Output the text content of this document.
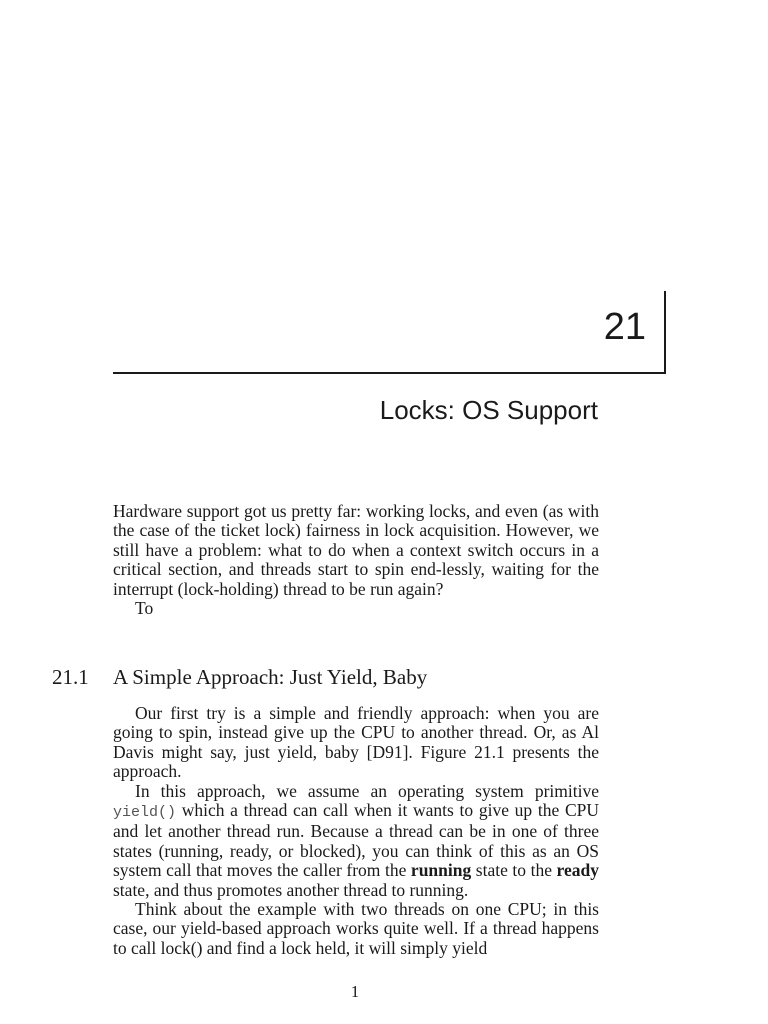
21
Locks: OS Support

Hardware support got us pretty far: working locks, and even (as with the case of the ticket lock) fairness in lock acquisition. However, we still have a problem: what to do when a context switch occurs in a critical section, and threads start to spin end-lessly, waiting for the interrupt (lock-holding) thread to be run again?

To

21.1 A Simple Approach: Just Yield, Baby

Our first try is a simple and friendly approach: when you are going to spin, instead give up the CPU to another thread. Or, as Al Davis might say, just yield, baby [D91]. Figure 21.1 presents the approach.

In this approach, we assume an operating system primitive yield() which a thread can call when it wants to give up the CPU and let another thread run. Because a thread can be in one of three states (running, ready, or blocked), you can think of this as an OS system call that moves the caller from the running state to the ready state, and thus promotes another thread to running.

Think about the example with two threads on one CPU; in this case, our yield-based approach works quite well. If a thread happens to call lock() and find a lock held, it will simply yield

1
